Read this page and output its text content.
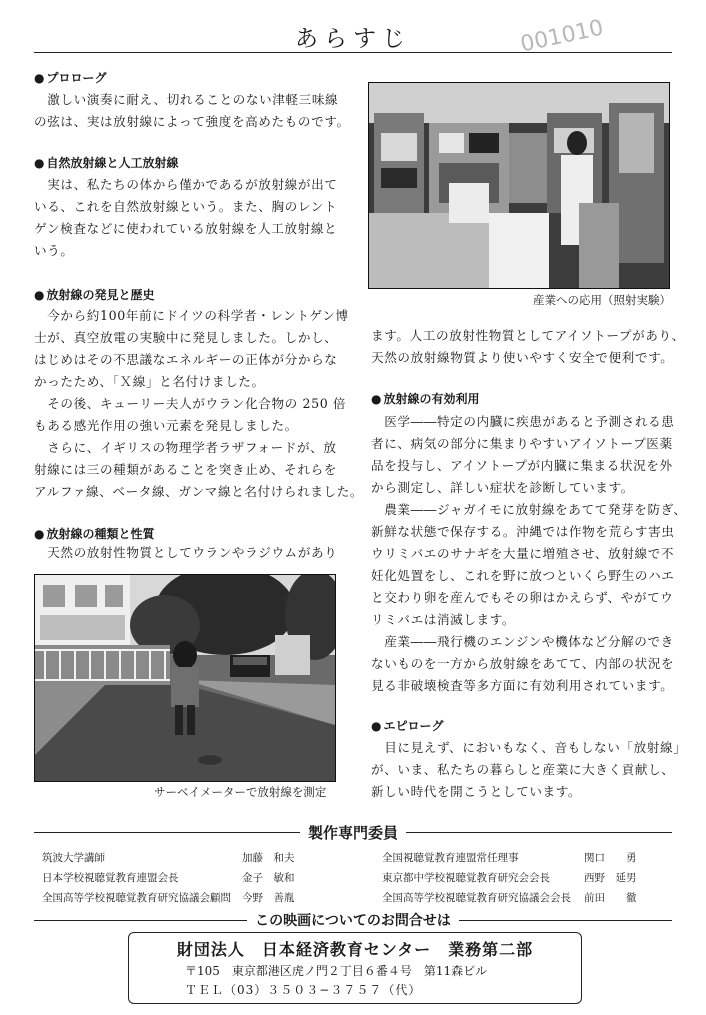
あらすじ	001010
● プロローグ
　激しい演奏に耐え、切れることのない津軽三味線
の弦は、実は放射線によって強度を高めたものです。
● 自然放射線と人工放射線
　実は、私たちの体から僅かであるが放射線が出て
いる、これを自然放射線という。また、胸のレント
ゲン検査などに使われている放射線を人工放射線と
いう。
● 放射線の発見と歴史
　今から約100年前にドイツの科学者・レントゲン博
士が、真空放電の実験中に発見しました。しかし、
はじめはその不思議なエネルギーの正体が分からな
かったため、「Ｘ線」と名付けました。
　その後、キューリー夫人がウラン化合物の 250 倍
もある感光作用の強い元素を発見しました。
　さらに、イギリスの物理学者ラザフォードが、放
射線には三の種類があることを突き止め、それらを
アルファ線、ベータ線、ガンマ線と名付けられました。
● 放射線の種類と性質
　天然の放射性物質としてウランやラジウムがあり
サーベイメーターで放射線を測定
産業への応用（照射実験）
ます。人工の放射性物質としてアイソトープがあり、
天然の放射線物質より使いやすく安全で便利です。
● 放射線の有効利用
　医学――特定の内臓に疾患があると予測される患
者に、病気の部分に集まりやすいアイソトープ医薬
品を投与し、アイソトープが内臓に集まる状況を外
から測定し、詳しい症状を診断しています。
　農業――ジャガイモに放射線をあてて発芽を防ぎ、
新鮮な状態で保存する。沖縄では作物を荒らす害虫
ウリミバエのサナギを大量に増殖させ、放射線で不
妊化処置をし、これを野に放つといくら野生のハエ
と交わり卵を産んでもその卵はかえらず、やがてウ
リミバエは消滅します。
　産業――飛行機のエンジンや機体など分解のでき
ないものを一方から放射線をあてて、内部の状況を
見る非破壊検査等多方面に有効利用されています。
● エピローグ
　目に見えず、においもなく、音もしない「放射線」
が、いま、私たちの暮らしと産業に大きく貢献し、
新しい時代を開こうとしています。
製作専門委員
筑波大学講師	加藤　和夫
日本学校視聴覚教育連盟会長	金子　敏和
全国高等学校視聴覚教育研究協議会顧問 今野　善胤
全国視聴覚教育連盟常任理事	関口　　勇
東京都中学校視聴覚教育研究会会長	西野　延男
全国高等学校視聴覚教育研究協議会会長 前田　　徹
この映画についてのお問合せは
財団法人　日本経済教育センター　業務第二部
〒105　東京都港区虎ノ門２丁目６番４号　第11森ビル
ＴＥＬ（03）３５０３−３７５７（代）
